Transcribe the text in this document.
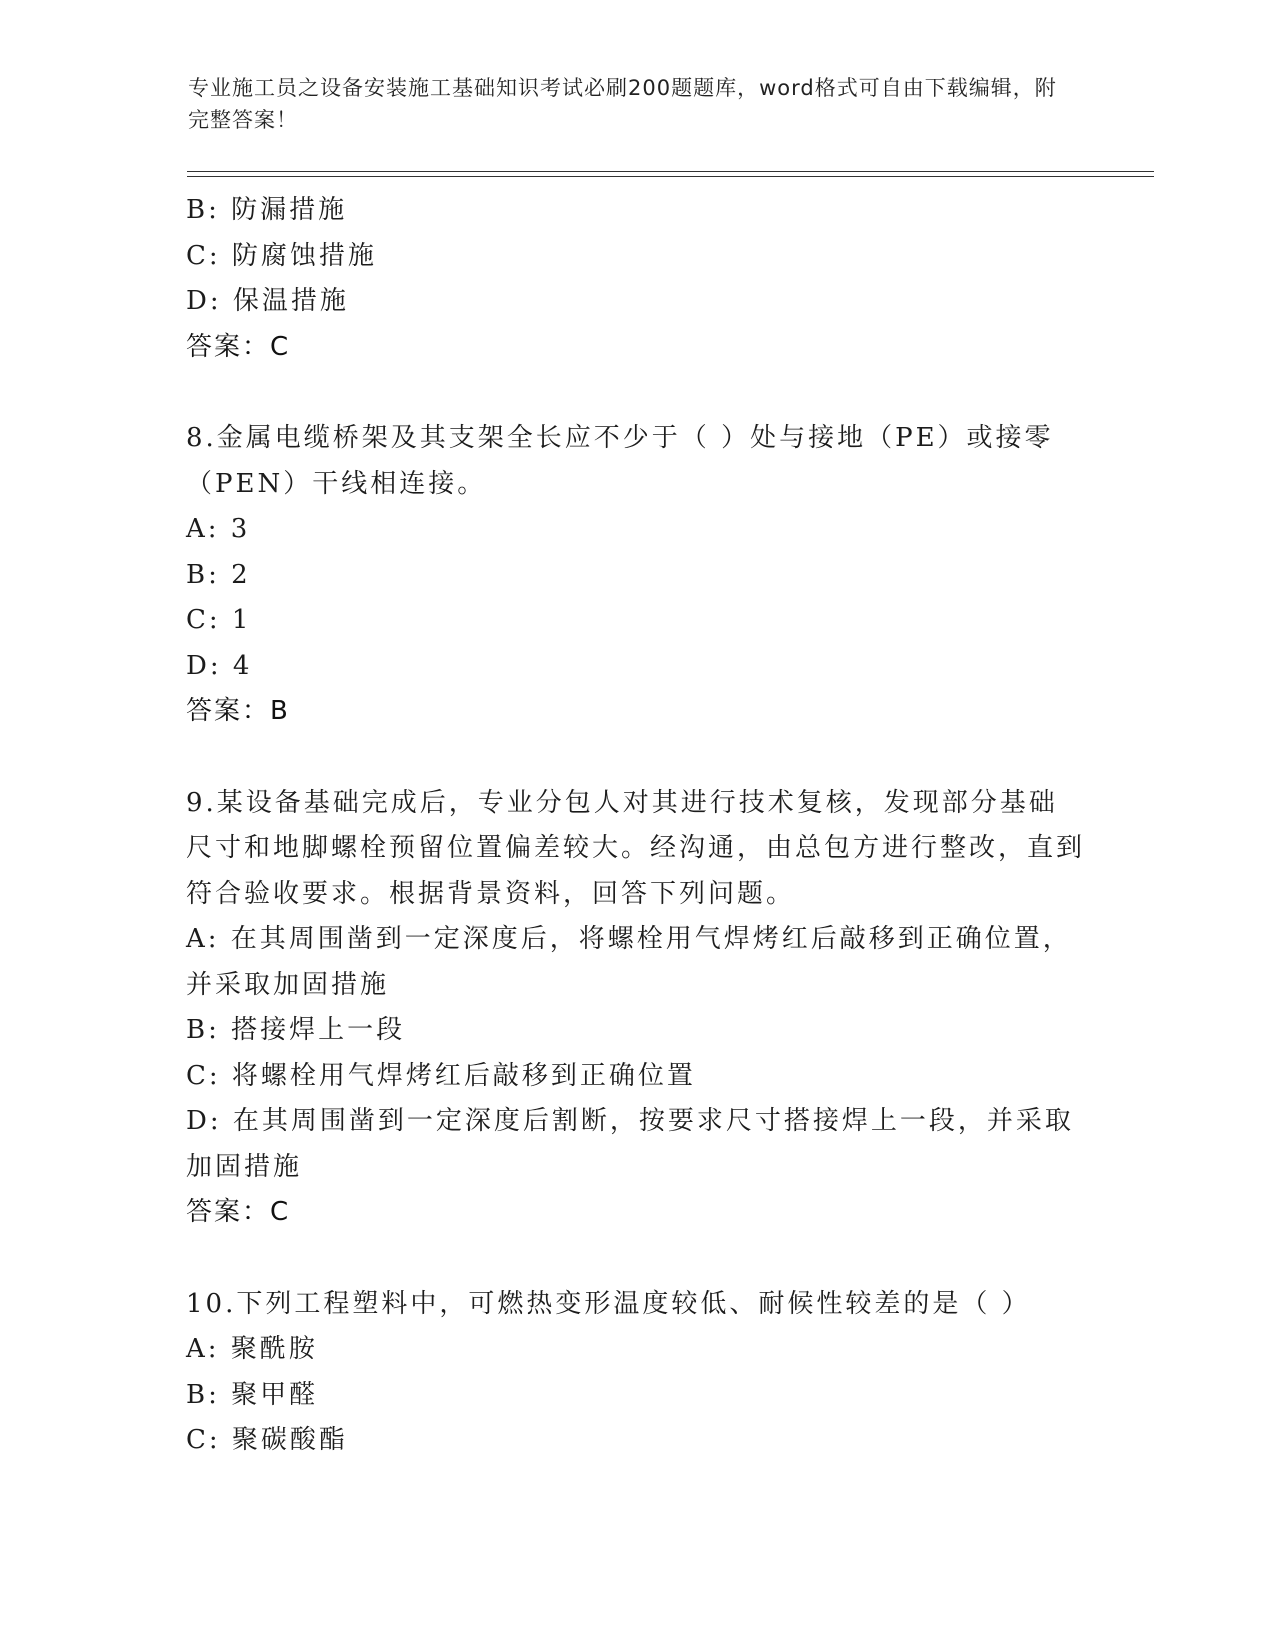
专业施工员之设备安装施工基础知识考试必刷200题题库，word格式可自由下载编辑，附完整答案！
B: 防漏措施
C: 防腐蚀措施
D: 保温措施
答案：C
8.金属电缆桥架及其支架全长应不少于（ ）处与接地（PE）或接零（PEN）干线相连接。
A: 3
B: 2
C: 1
D: 4
答案：B
9.某设备基础完成后，专业分包人对其进行技术复核，发现部分基础尺寸和地脚螺栓预留位置偏差较大。经沟通，由总包方进行整改，直到符合验收要求。根据背景资料，回答下列问题。
A: 在其周围凿到一定深度后，将螺栓用气焊烤红后敲移到正确位置，并采取加固措施
B: 搭接焊上一段
C: 将螺栓用气焊烤红后敲移到正确位置
D: 在其周围凿到一定深度后割断，按要求尺寸搭接焊上一段，并采取加固措施
答案：C
10.下列工程塑料中，可燃热变形温度较低、耐候性较差的是（ ）
A: 聚酰胺
B: 聚甲醛
C: 聚碳酸酯
